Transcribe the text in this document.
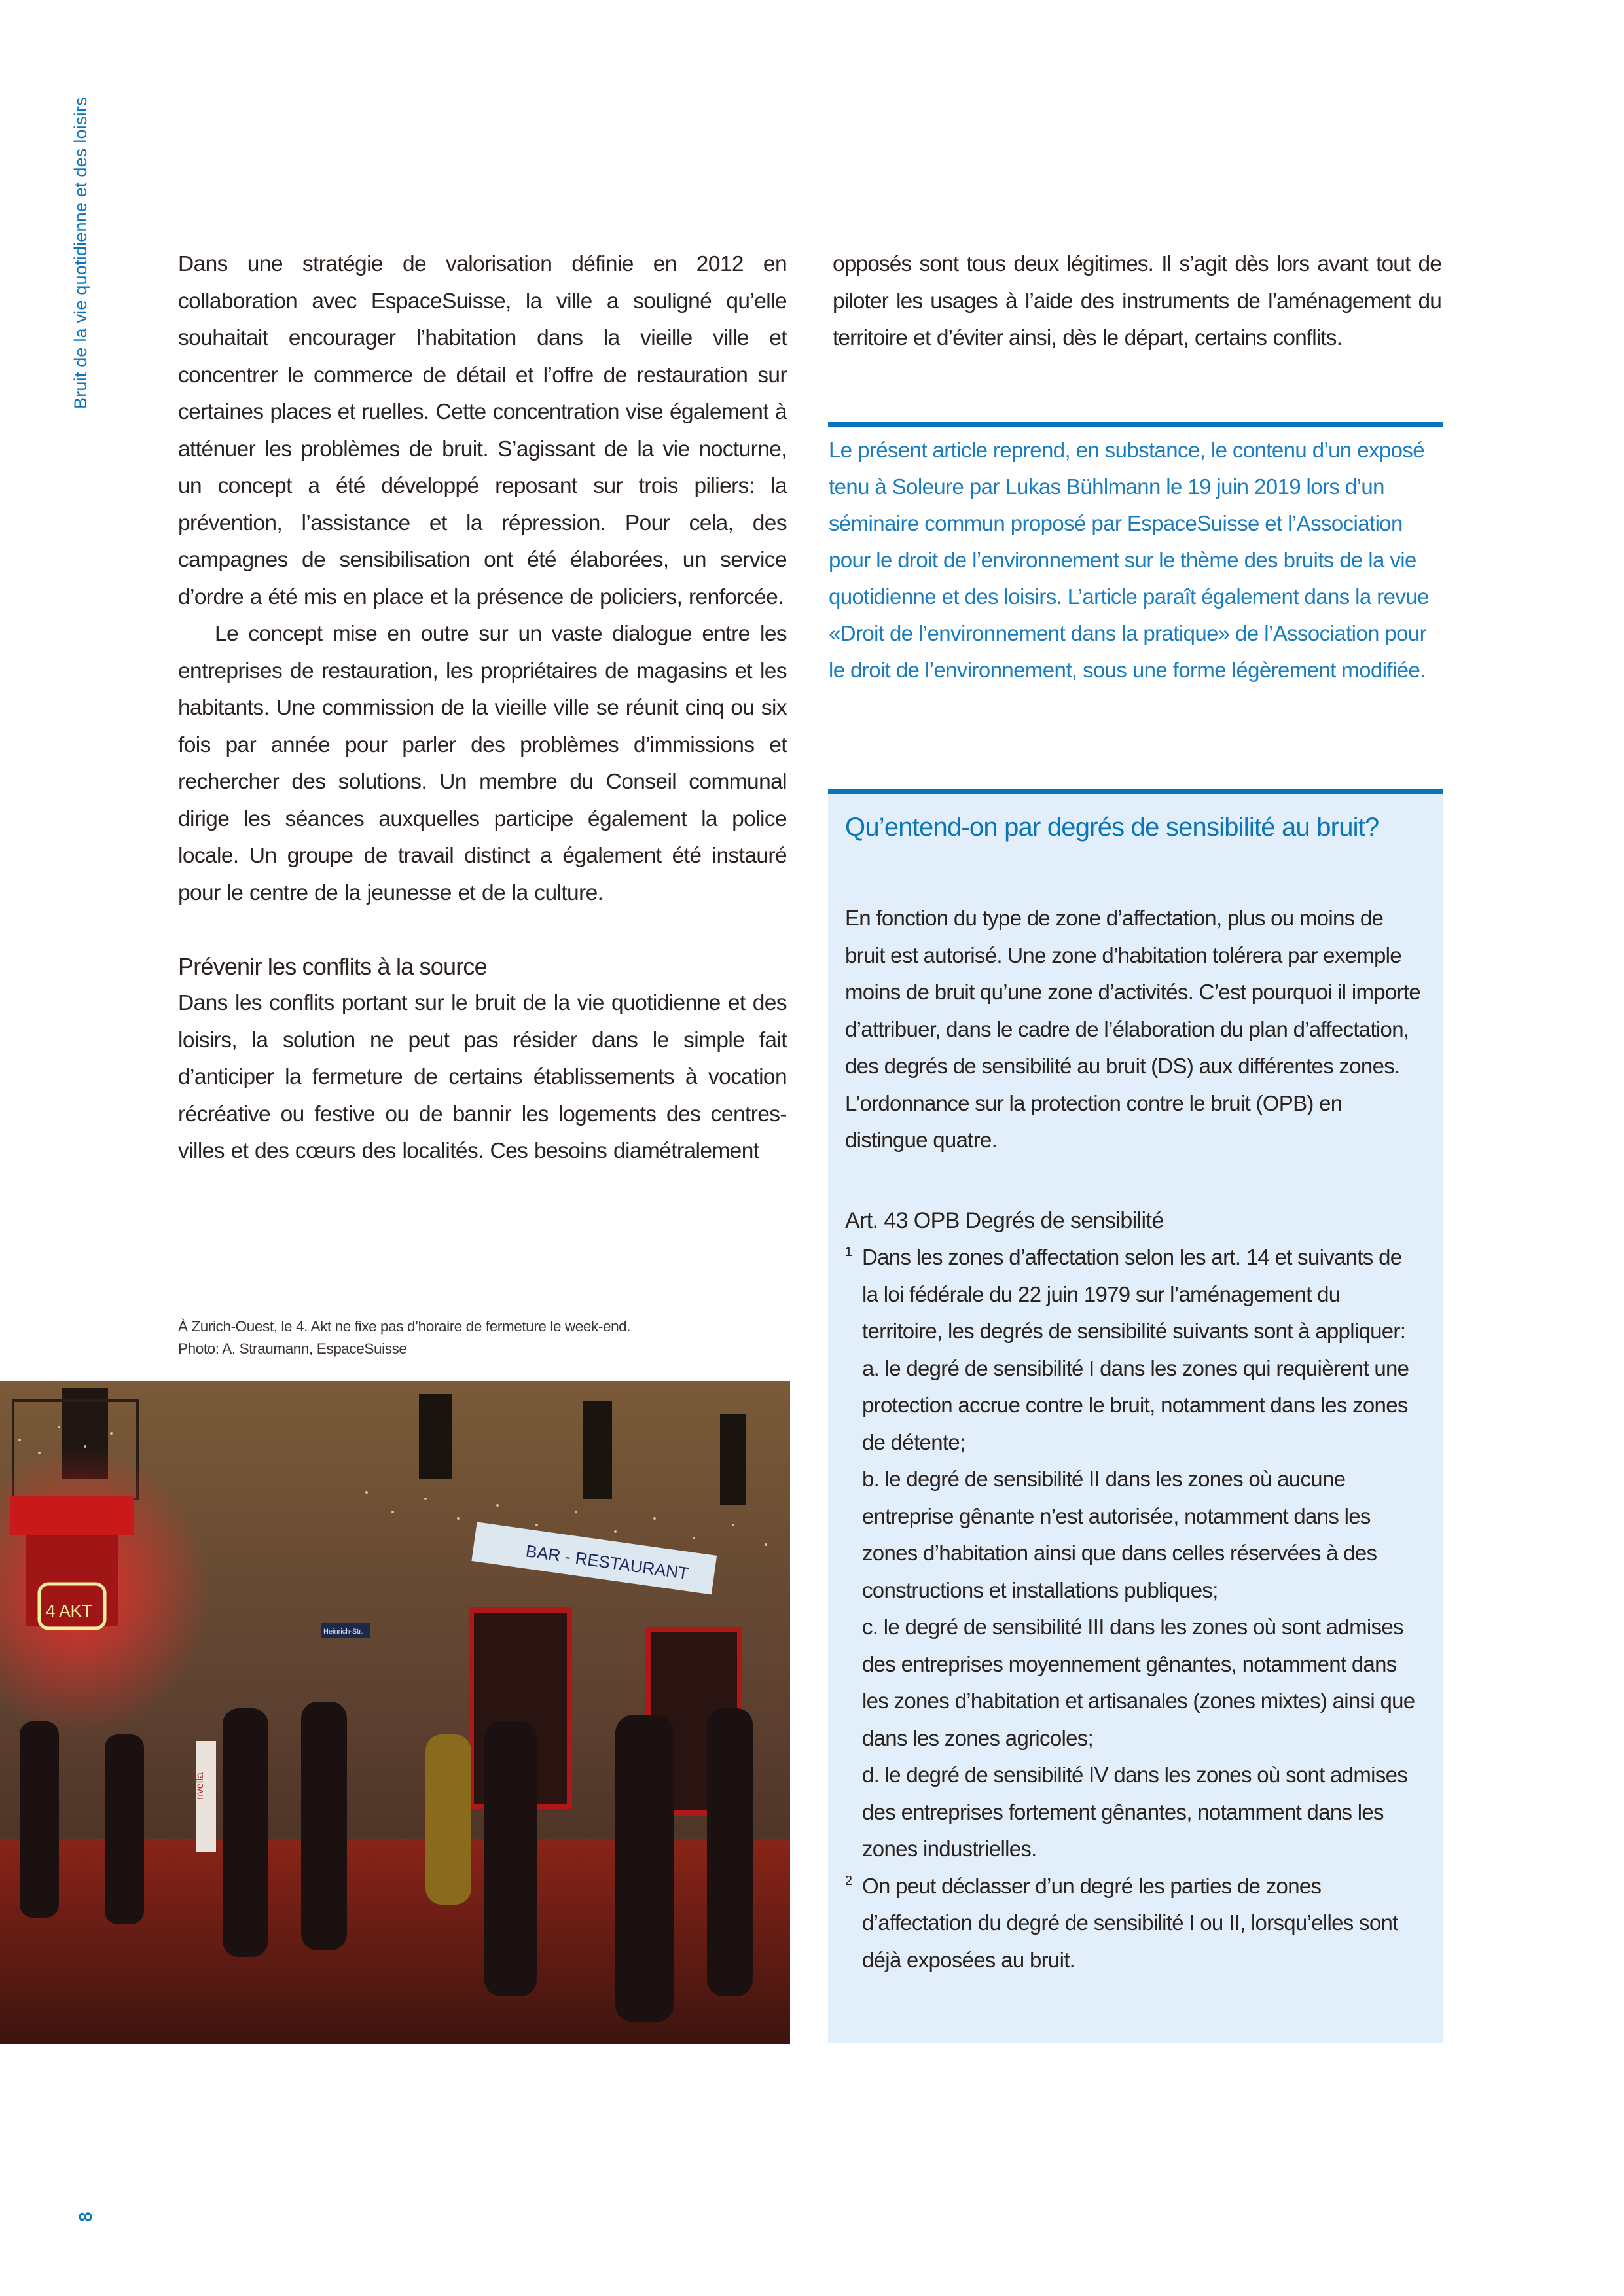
Bruit de la vie quotidienne et des loisirs
8

Dans une stratégie de valorisation définie en 2012 en collaboration avec EspaceSuisse, la ville a souligné qu’elle souhaitait encourager l’habitation dans la vieille ville et concentrer le commerce de détail et l’offre de restauration sur certaines places et ruelles. Cette concentration vise également à atténuer les problèmes de bruit. S’agissant de la vie nocturne, un concept a été développé reposant sur trois piliers: la prévention, l’assistance et la répression. Pour cela, des campagnes de sensibilisation ont été élaborées, un service d’ordre a été mis en place et la présence de policiers, renforcée.

Le concept mise en outre sur un vaste dialogue entre les entreprises de restauration, les propriétaires de magasins et les habitants. Une commission de la vieille ville se réunit cinq ou six fois par année pour parler des problèmes d’immissions et rechercher des solutions. Un membre du Conseil communal dirige les séances auxquelles participe également la police locale. Un groupe de travail distinct a également été instauré pour le centre de la jeunesse et de la culture.

Prévenir les conflits à la source

Dans les conflits portant sur le bruit de la vie quotidienne et des loisirs, la solution ne peut pas résider dans le simple fait d’anticiper la fermeture de certains établissements à vocation récréative ou festive ou de bannir les logements des centres-villes et des cœurs des localités. Ces besoins diamétralement

opposés sont tous deux légitimes. Il s’agit dès lors avant tout de piloter les usages à l’aide des instruments de l’aménagement du territoire et d’éviter ainsi, dès le départ, certains conflits.

Le présent article reprend, en substance, le contenu d’un exposé tenu à Soleure par Lukas Bühlmann le 19 juin 2019 lors d’un séminaire commun proposé par EspaceSuisse et l’Association pour le droit de l’environnement sur le thème des bruits de la vie quotidienne et des loisirs. L’article paraît également dans la revue «Droit de l’environnement dans la pratique» de l’Association pour le droit de l’environnement, sous une forme légèrement modifiée.

À Zurich-Ouest, le 4. Akt ne fixe pas d’horaire de fermeture le week-end.

Photo: A. Straumann, EspaceSuisse

4 AKT
BAR - RESTAURANT
Heinrich-Str.
rivella
Qu’entend-on par degrés de sensibilité au bruit?

En fonction du type de zone d’affectation, plus ou moins de bruit est autorisé. Une zone d’habitation tolérera par exemple moins de bruit qu’une zone d’activités. C’est pourquoi il importe d’attribuer, dans le cadre de l’élaboration du plan d’affectation, des degrés de sensibilité au bruit (DS) aux différentes zones. L’ordonnance sur la protection contre le bruit (OPB) en distingue quatre.

Art. 43 OPB Degrés de sensibilité

1 Dans les zones d’affectation selon les art. 14 et suivants de la loi fédérale du 22 juin 1979 sur l’aménagement du territoire, les degrés de sensibilité suivants sont à appliquer:
a. le degré de sensibilité I dans les zones qui requièrent une protection accrue contre le bruit, notamment dans les zones de détente;
b. le degré de sensibilité II dans les zones où aucune entreprise gênante n’est autorisée, notamment dans les zones d’habitation ainsi que dans celles réservées à des constructions et installations publiques;
c. le degré de sensibilité III dans les zones où sont admises des entreprises moyennement gênantes, notamment dans les zones d’habitation et artisanales (zones mixtes) ainsi que dans les zones agricoles;
d. le degré de sensibilité IV dans les zones où sont admises des entreprises fortement gênantes, notamment dans les zones industrielles.

2 On peut déclasser d’un degré les parties de zones d’affectation du degré de sensibilité I ou II, lorsqu’elles sont déjà exposées au bruit.
